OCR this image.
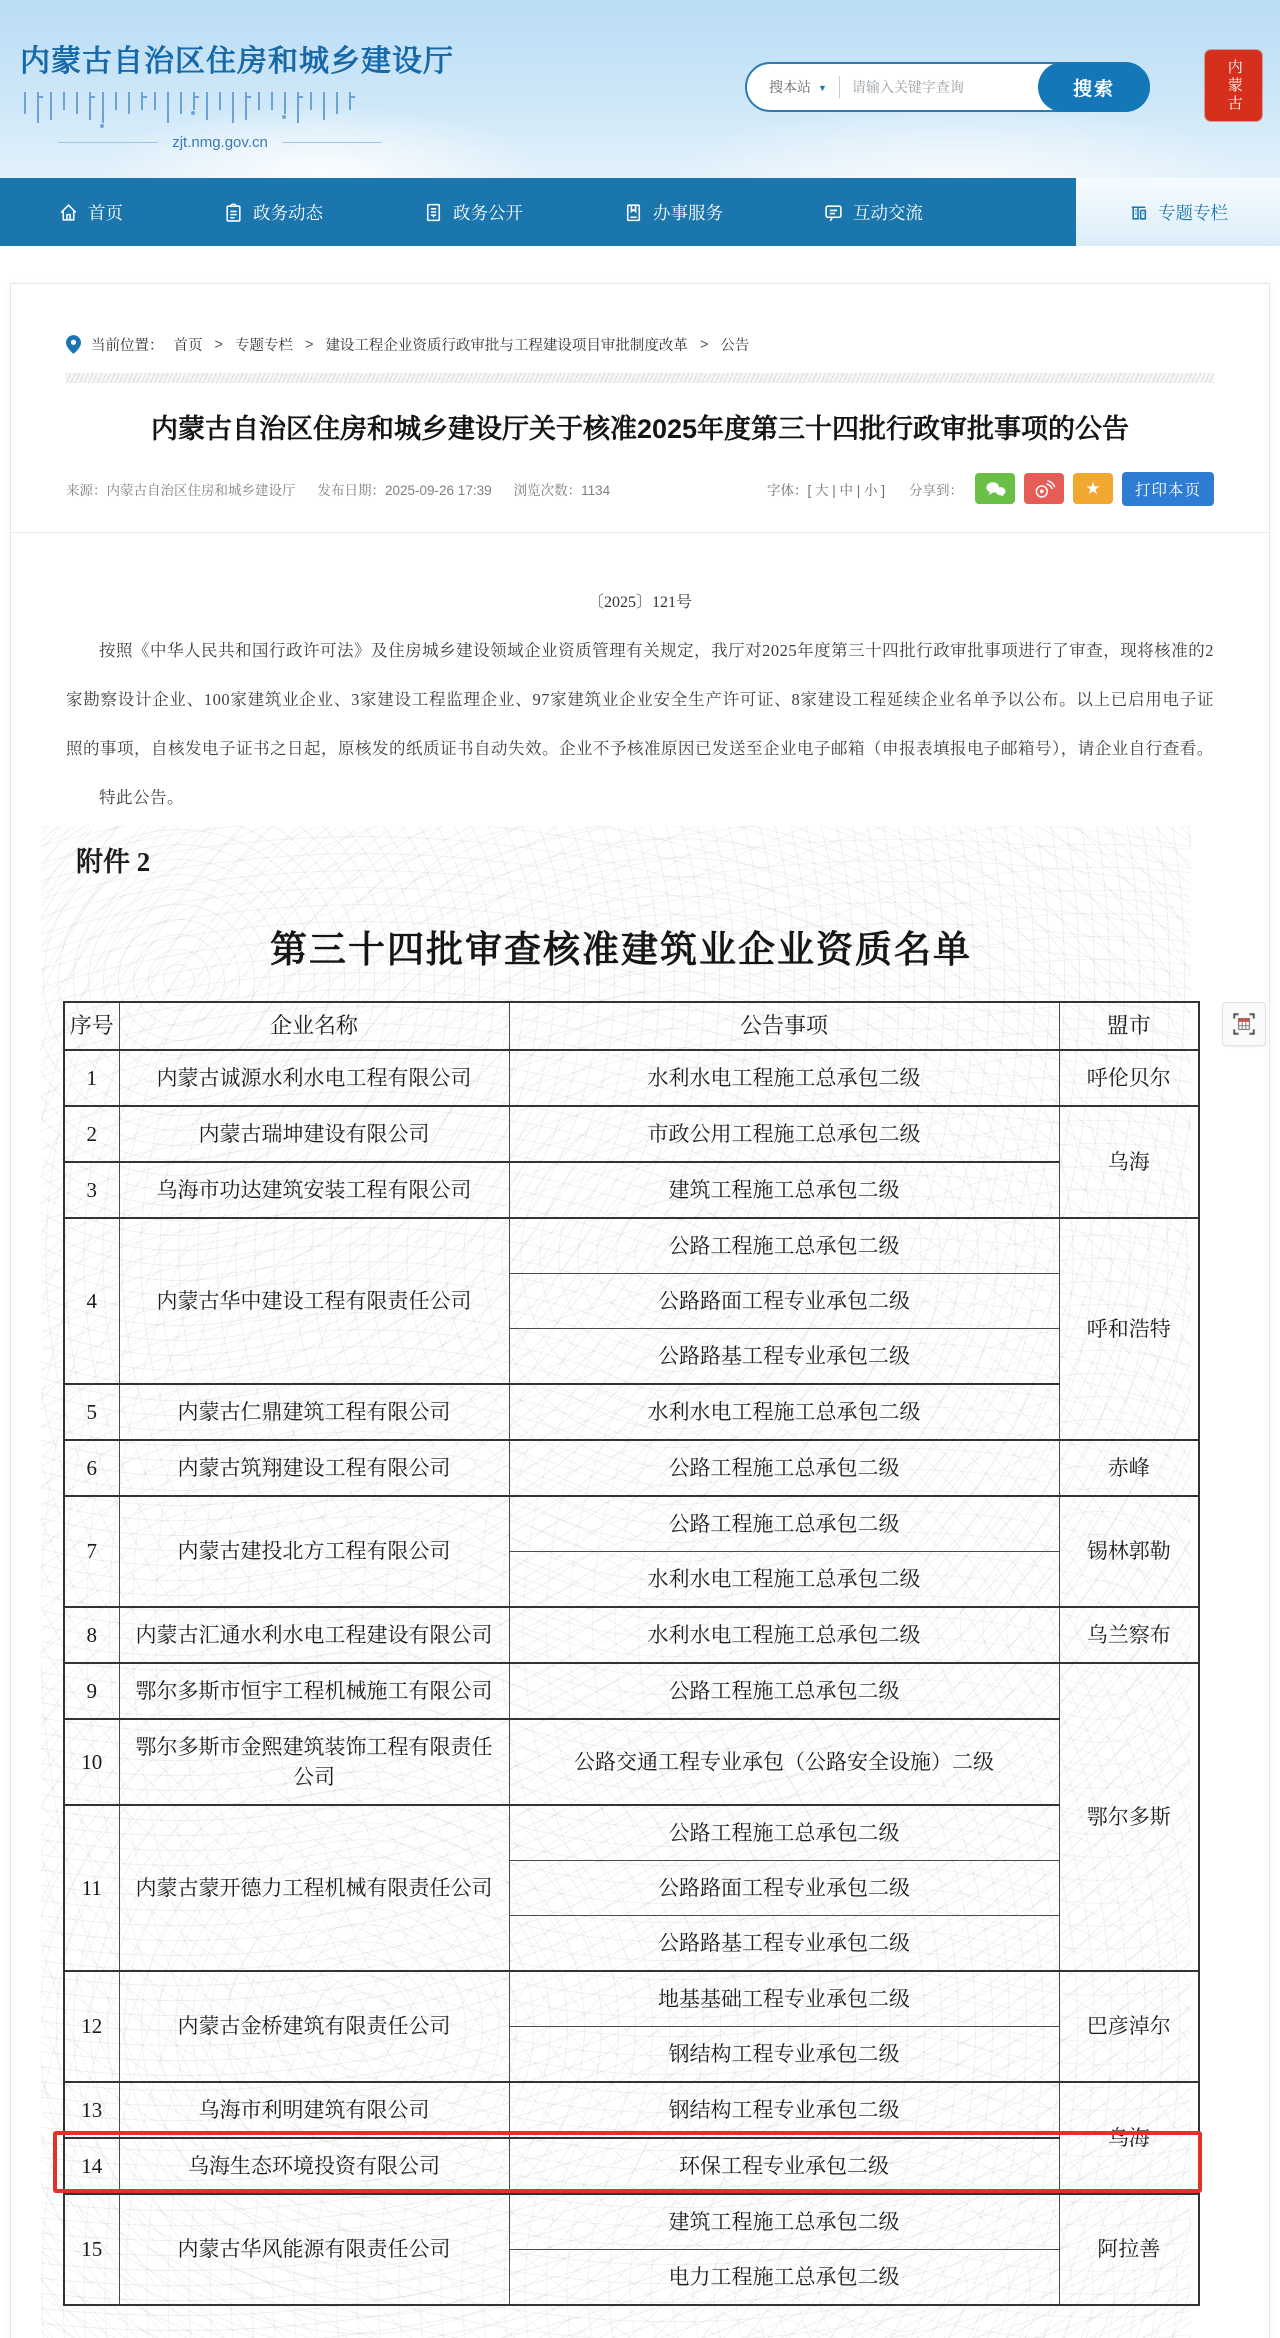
内蒙古自治区住房和城乡建设厅
zjt.nmg.gov.cn
搜本站 ▼
请输入关键字查询	搜索	内蒙古
首页	政务动态	政务公开	办事服务	互动交流	专题专栏
当前位置： 首页 > 专题专栏 > 建设工程企业资质行政审批与工程建设项目审批制度改革 > 公告
内蒙古自治区住房和城乡建设厅关于核准2025年度第三十四批行政审批事项的公告
来源：内蒙古自治区住房和城乡建设厅 发布日期：2025-09-26 17:39 浏览次数：1134	字体：[ 大 | 中 | 小 ] 分享到：	★	打印本页
〔2025〕121号

按照《中华人民共和国行政许可法》及住房城乡建设领域企业资质管理有关规定，我厅对2025年度第三十四批行政审批事项进行了审查，现将核准的2家勘察设计企业、100家建筑业企业、3家建设工程监理企业、97家建筑业企业安全生产许可证、8家建设工程延续企业名单予以公布。以上已启用电子证照的事项，自核发电子证书之日起，原核发的纸质证书自动失效。企业不予核准原因已发送至企业电子邮箱（申报表填报电子邮箱号），请企业自行查看。

特此公告。

附件 2
第三十四批审查核准建筑业企业资质名单
序号	企业名称	公告事项	盟市
1	内蒙古诚源水利水电工程有限公司	水利水电工程施工总承包二级	呼伦贝尔
2	内蒙古瑞坤建设有限公司	市政公用工程施工总承包二级	乌海
3	乌海市功达建筑安装工程有限公司	建筑工程施工总承包二级	
4	内蒙古华中建设工程有限责任公司	公路工程施工总承包二级	呼和浩特
		公路路面工程专业承包二级	
		公路路基工程专业承包二级	
5	内蒙古仁鼎建筑工程有限公司	水利水电工程施工总承包二级	
6	内蒙古筑翔建设工程有限公司	公路工程施工总承包二级	赤峰
7	内蒙古建投北方工程有限公司	公路工程施工总承包二级	锡林郭勒
		水利水电工程施工总承包二级	
8	内蒙古汇通水利水电工程建设有限公司	水利水电工程施工总承包二级	乌兰察布
9	鄂尔多斯市恒宇工程机械施工有限公司	公路工程施工总承包二级	鄂尔多斯
10	鄂尔多斯市金熙建筑装饰工程有限责任公司	公路交通工程专业承包（公路安全设施）二级	
11	内蒙古蒙开德力工程机械有限责任公司	公路工程施工总承包二级	
		公路路面工程专业承包二级	
		公路路基工程专业承包二级	
12	内蒙古金桥建筑有限责任公司	地基基础工程专业承包二级	巴彦淖尔
		钢结构工程专业承包二级	
13	乌海市利明建筑有限公司	钢结构工程专业承包二级	乌海
14	乌海生态环境投资有限公司	环保工程专业承包二级	
15	内蒙古华风能源有限责任公司	建筑工程施工总承包二级	阿拉善
		电力工程施工总承包二级	
